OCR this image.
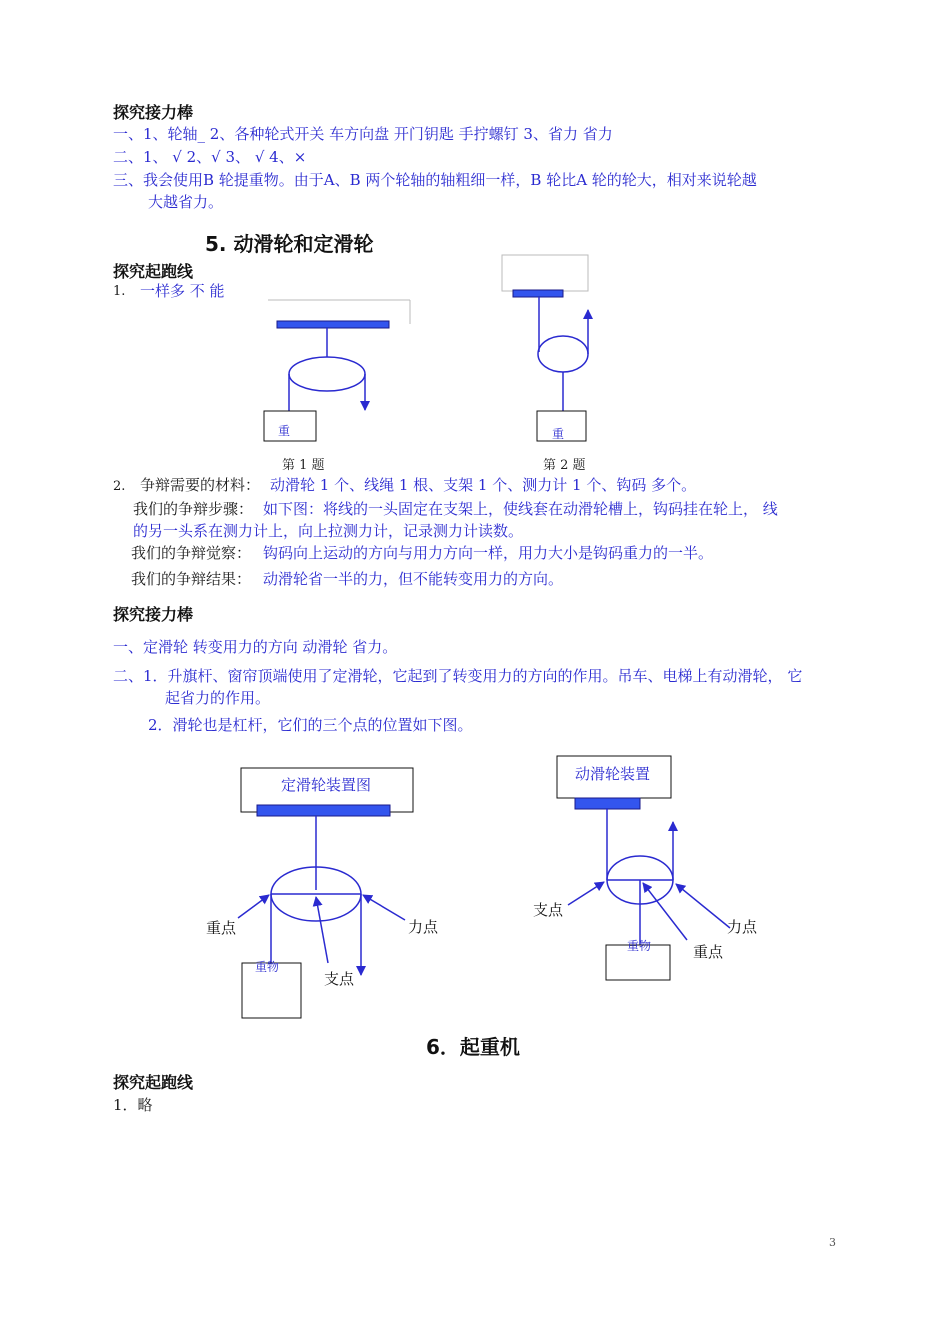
探究接力棒
一、1、轮轴_ 2、各种轮式开关 车方向盘 开门钥匙 手拧螺钉 3、省力 省力
二、1、 √ 2、√ 3、 √ 4、×
三、我会使用B 轮提重物。由于A、B 两个轮轴的轴粗细一样，B 轮比A 轮的轮大，相对来说轮越
大越省力。
5. 动滑轮和定滑轮
探究起跑线
1. 一样多 不 能
重	重
第 1 题	第 2 题
2. 争辩需要的材料： 动滑轮 1 个、线绳 1 根、支架 1 个、测力计 1 个、钩码 多个。
我们的争辩步骤： 如下图：将线的一头固定在支架上，使线套在动滑轮槽上，钩码挂在轮上， 线
的另一头系在测力计上，向上拉测力计，记录测力计读数。
我们的争辩觉察： 钩码向上运动的方向与用力方向一样，用力大小是钩码重力的一半。
我们的争辩结果： 动滑轮省一半的力，但不能转变用力的方向。
探究接力棒
一、定滑轮 转变用力的方向 动滑轮 省力。
二、1．升旗杆、窗帘顶端使用了定滑轮，它起到了转变用力的方向的作用。吊车、电梯上有动滑轮， 它
起省力的作用。
2．滑轮也是杠杆，它们的三个点的位置如下图。
定滑轮装置图
动滑轮装置
重点	力点
支点
重物
支点
力点
重点
重物
6．起重机
探究起跑线
1．略
3
